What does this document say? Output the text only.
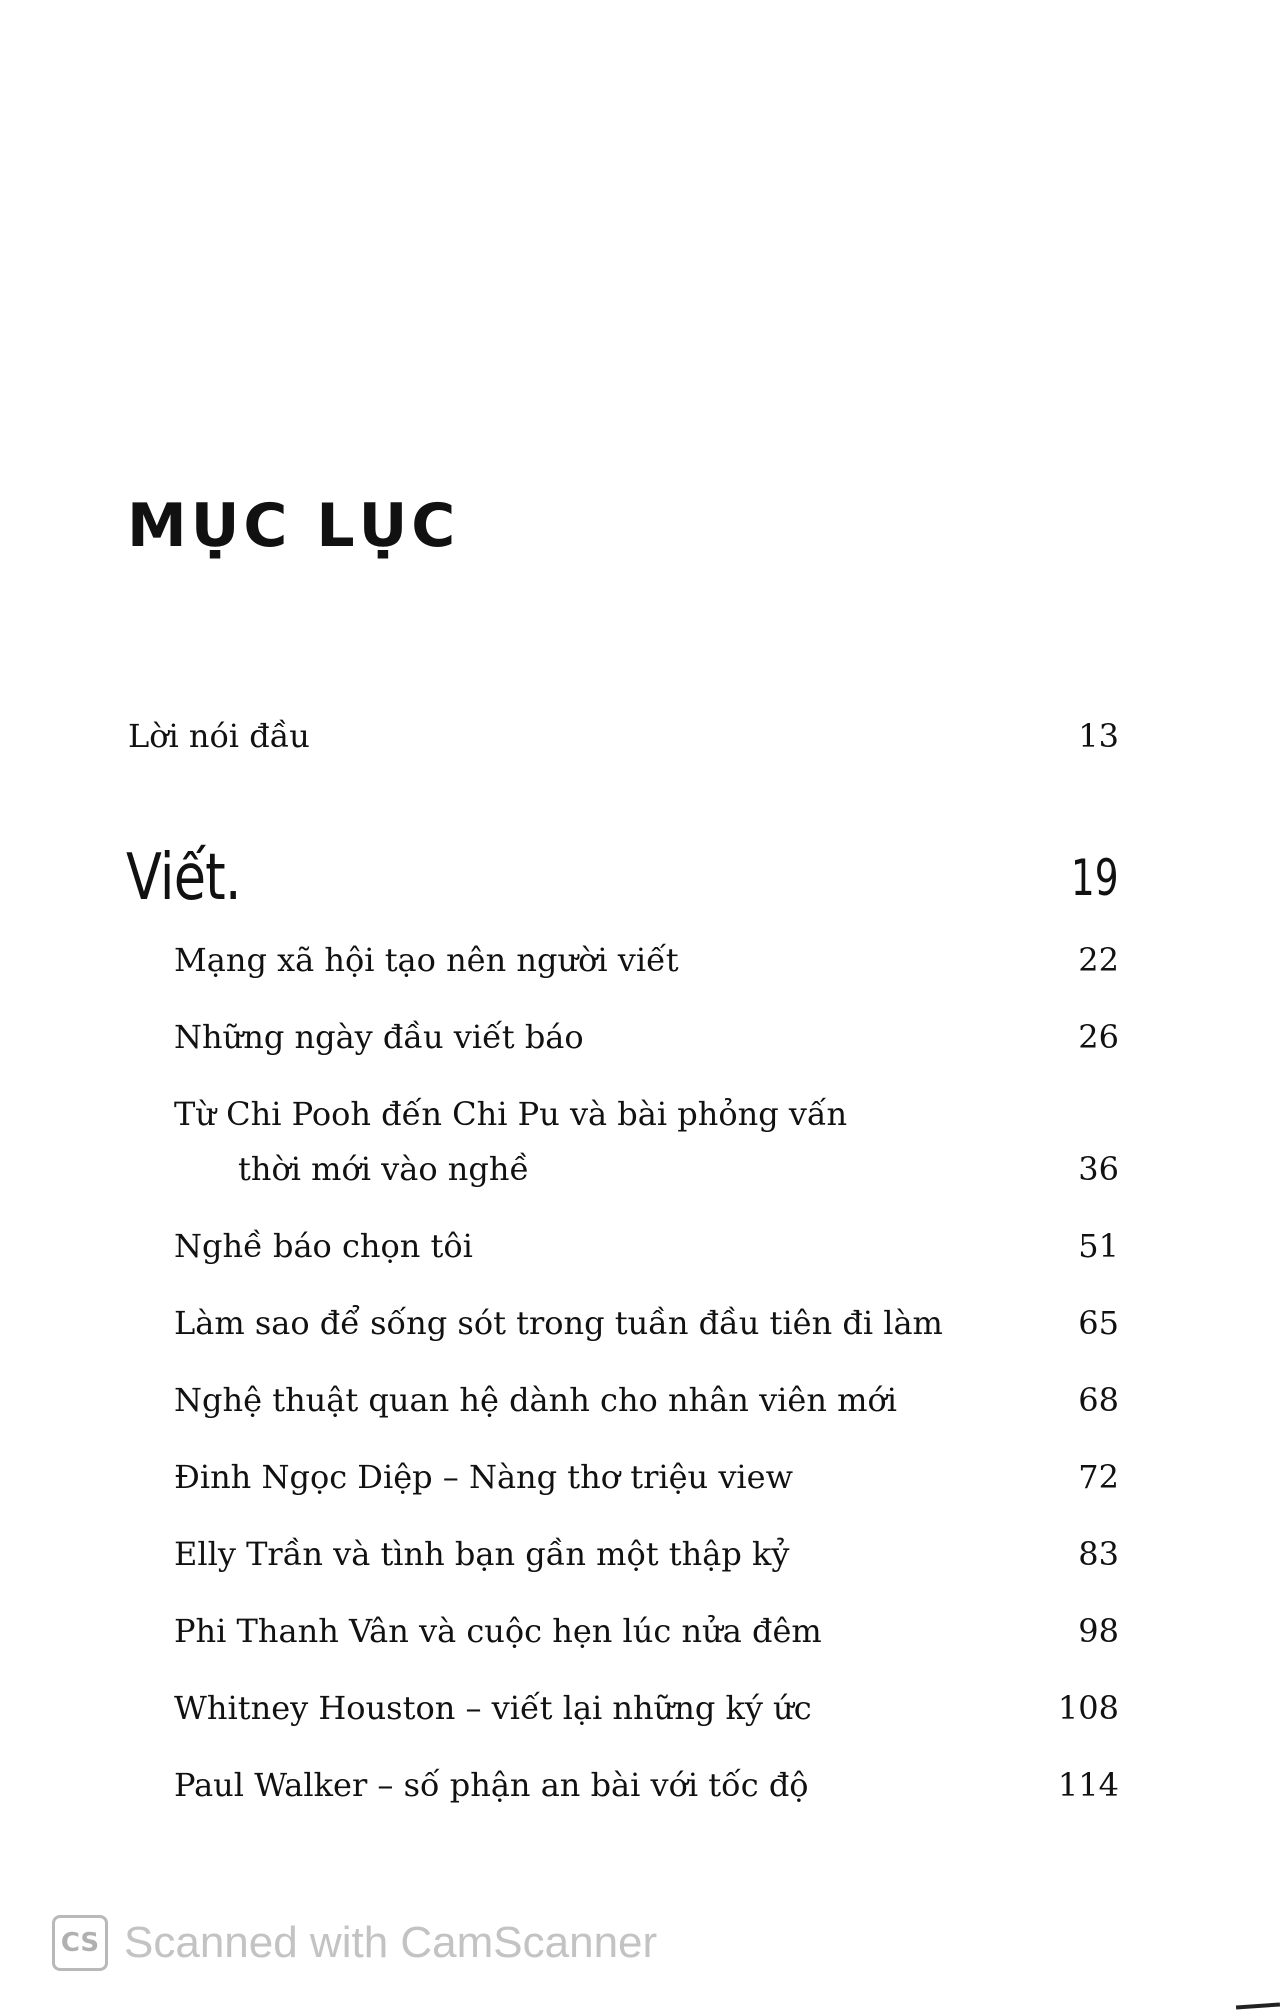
MỤC LỤC
Lời nói đầu	13
Viết.	19
Mạng xã hội tạo nên người viết	22
Những ngày đầu viết báo	26
Từ Chi Pooh đến Chi Pu và bài phỏng vấn
thời mới vào nghề	36
Nghề báo chọn tôi	51
Làm sao để sống sót trong tuần đầu tiên đi làm	65
Nghệ thuật quan hệ dành cho nhân viên mới	68
Đinh Ngọc Diệp – Nàng thơ triệu view	72
Elly Trần và tình bạn gần một thập kỷ	83
Phi Thanh Vân và cuộc hẹn lúc nửa đêm	98
Whitney Houston – viết lại những ký ức	108
Paul Walker – số phận an bài với tốc độ	114
CS Scanned with CamScanner
